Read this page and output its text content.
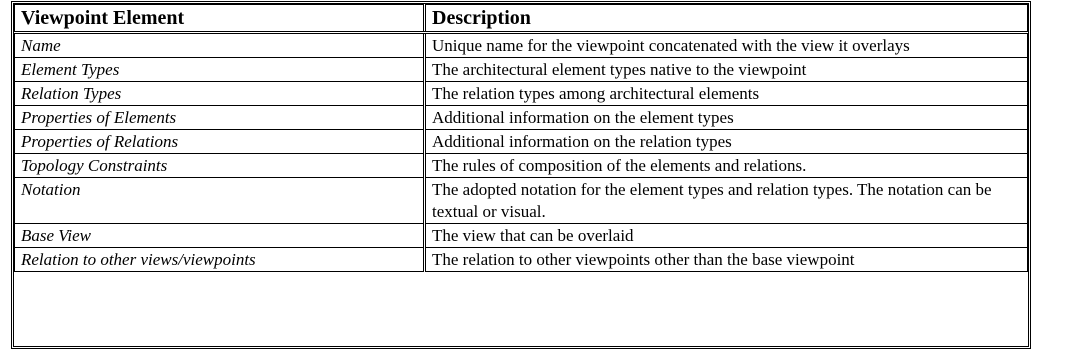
Viewpoint Element	Description
Name	Unique name for the viewpoint concatenated with the view it overlays
Element Types	The architectural element types native to the viewpoint
Relation Types	The relation types among architectural elements
Properties of Elements	Additional information on the element types
Properties of Relations	Additional information on the relation types
Topology Constraints	The rules of composition of the elements and relations.
Notation	The adopted notation for the element types and relation types. The notation can be textual or visual.
Base View	The view that can be overlaid
Relation to other views/viewpoints	The relation to other viewpoints other than the base viewpoint
